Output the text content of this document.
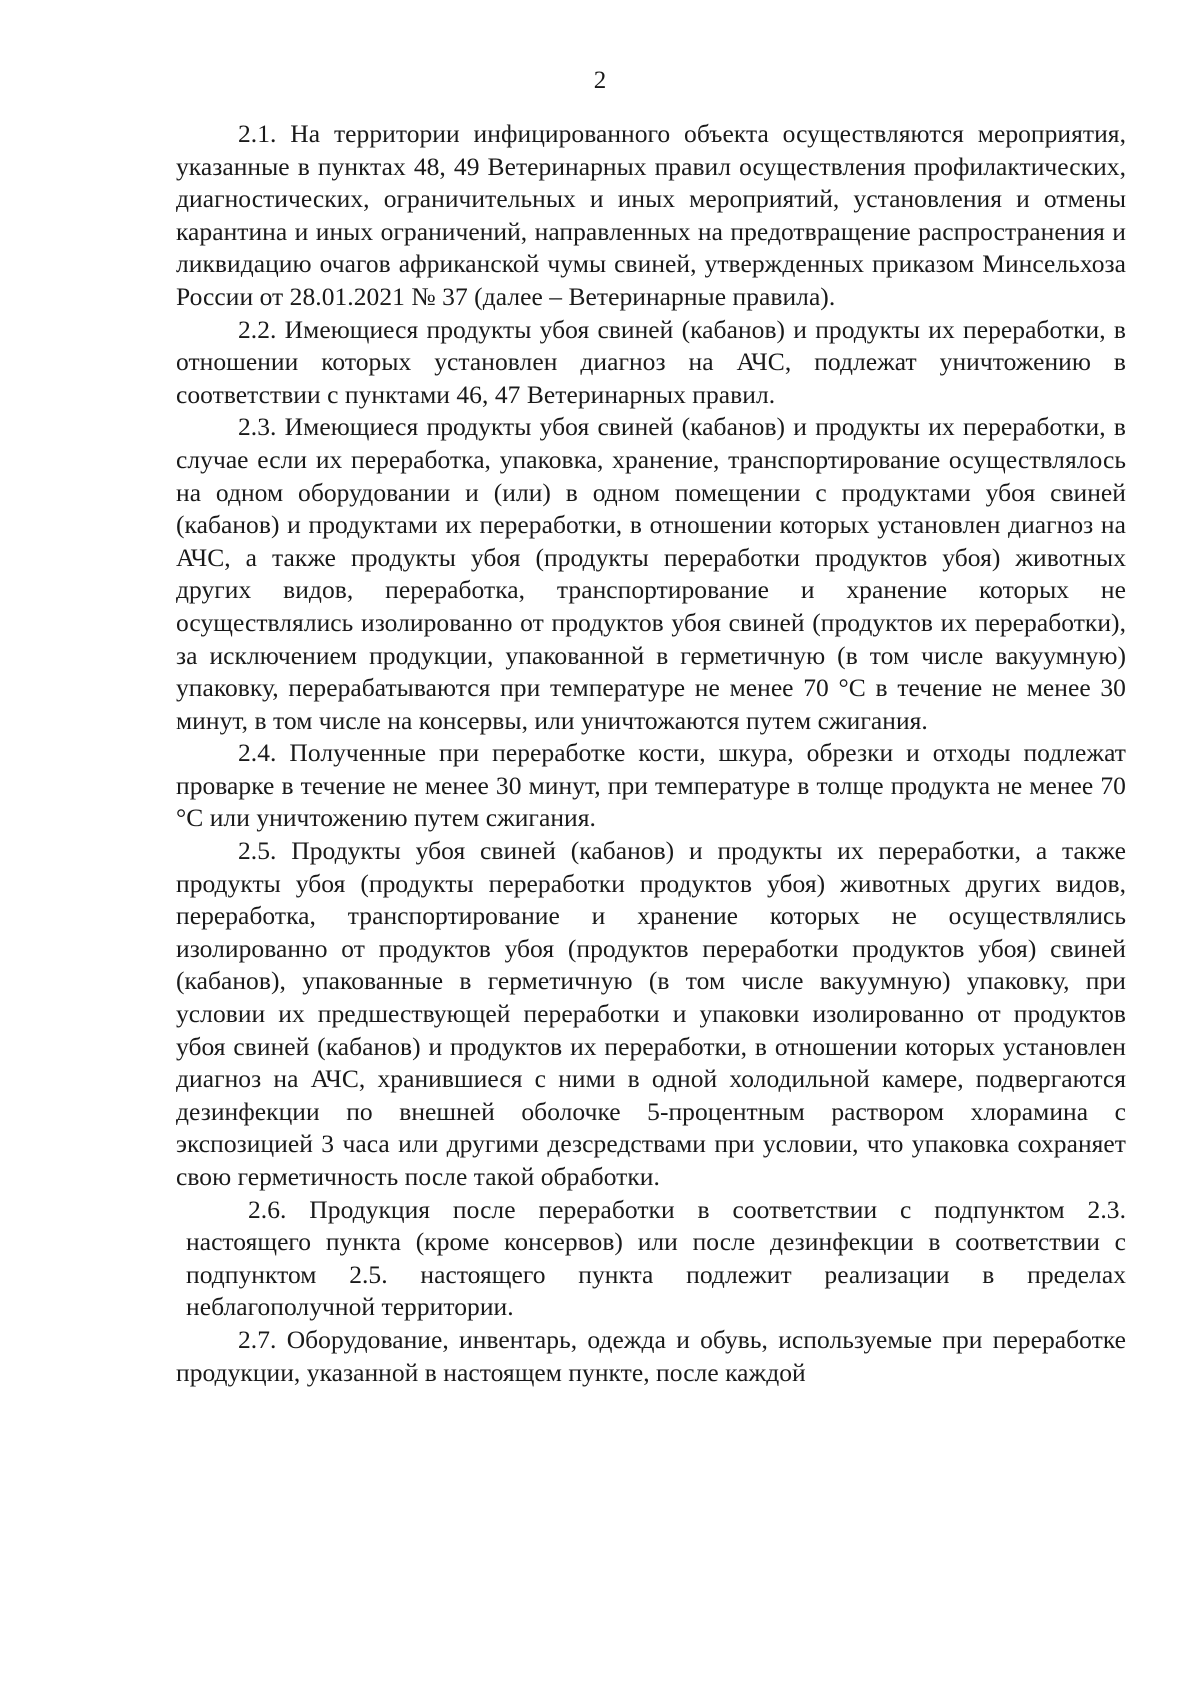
2

2.1. На территории инфицированного объекта осуществляются мероприятия, указанные в пунктах 48, 49 Ветеринарных правил осуществления профилактических, диагностических, ограничительных и иных мероприятий, установления и отмены карантина и иных ограничений, направленных на предотвращение распространения и ликвидацию очагов африканской чумы свиней, утвержденных приказом Минсельхоза России от 28.01.2021 № 37 (далее – Ветеринарные правила).

2.2. Имеющиеся продукты убоя свиней (кабанов) и продукты их переработки, в отношении которых установлен диагноз на АЧС, подлежат уничтожению в соответствии с пунктами 46, 47 Ветеринарных правил.

2.3. Имеющиеся продукты убоя свиней (кабанов) и продукты их переработки, в случае если их переработка, упаковка, хранение, транспортирование осуществлялось на одном оборудовании и (или) в одном помещении с продуктами убоя свиней (кабанов) и продуктами их переработки, в отношении которых установлен диагноз на АЧС, а также продукты убоя (продукты переработки продуктов убоя) животных других видов, переработка, транспортирование и хранение которых не осуществлялись изолированно от продуктов убоя свиней (продуктов их переработки), за исключением продукции, упакованной в герметичную (в том числе вакуумную) упаковку, перерабатываются при температуре не менее 70 °С в течение не менее 30 минут, в том числе на консервы, или уничтожаются путем сжигания.

2.4. Полученные при переработке кости, шкура, обрезки и отходы подлежат проварке в течение не менее 30 минут, при температуре в толще продукта не менее 70 °С или уничтожению путем сжигания.

2.5. Продукты убоя свиней (кабанов) и продукты их переработки, а также продукты убоя (продукты переработки продуктов убоя) животных других видов, переработка, транспортирование и хранение которых не осуществлялись изолированно от продуктов убоя (продуктов переработки продуктов убоя) свиней (кабанов), упакованные в герметичную (в том числе вакуумную) упаковку, при условии их предшествующей переработки и упаковки изолированно от продуктов убоя свиней (кабанов) и продуктов их переработки, в отношении которых установлен диагноз на АЧС, хранившиеся с ними в одной холодильной камере, подвергаются дезинфекции по внешней оболочке 5-процентным раствором хлорамина с экспозицией 3 часа или другими дезсредствами при условии, что упаковка сохраняет свою герметичность после такой обработки.

2.6. Продукция после переработки в соответствии с подпунктом 2.3. настоящего пункта (кроме консервов) или после дезинфекции в соответствии с подпунктом 2.5. настоящего пункта подлежит реализации в пределах неблагополучной территории.

2.7. Оборудование, инвентарь, одежда и обувь, используемые при переработке продукции, указанной в настоящем пункте, после каждой
